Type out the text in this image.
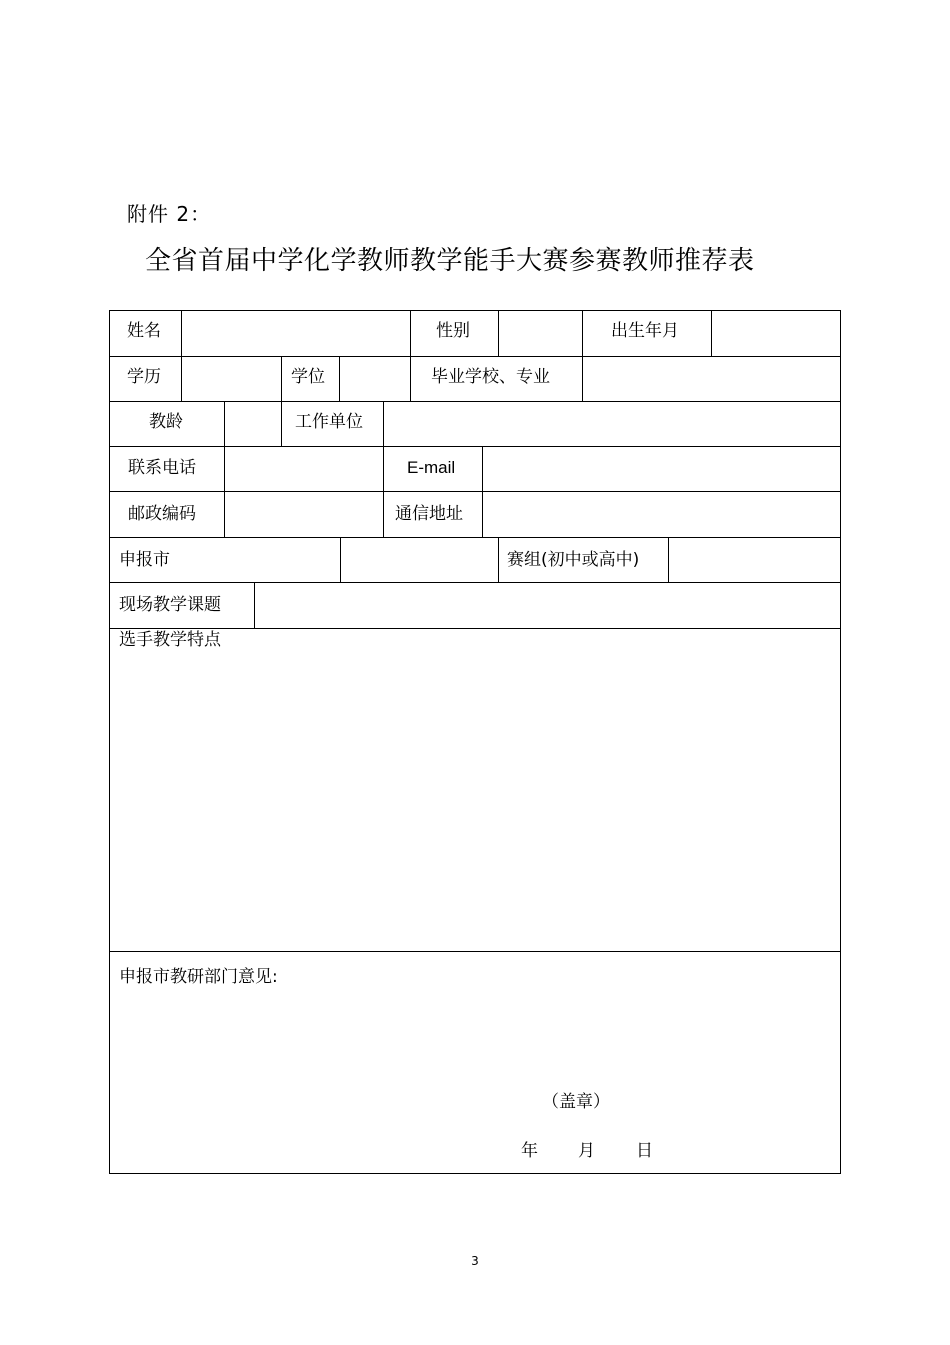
附件 2：
全省首届中学化学教师教学能手大赛参赛教师推荐表
姓名	性别	出生年月
学历	学位	毕业学校、专业
教龄	工作单位
联系电话	E-mail
邮政编码	通信地址
申报市	赛组(初中或高中)
现场教学课题
选手教学特点
申报市教研部门意见:
（盖章）
年 月 日
3
